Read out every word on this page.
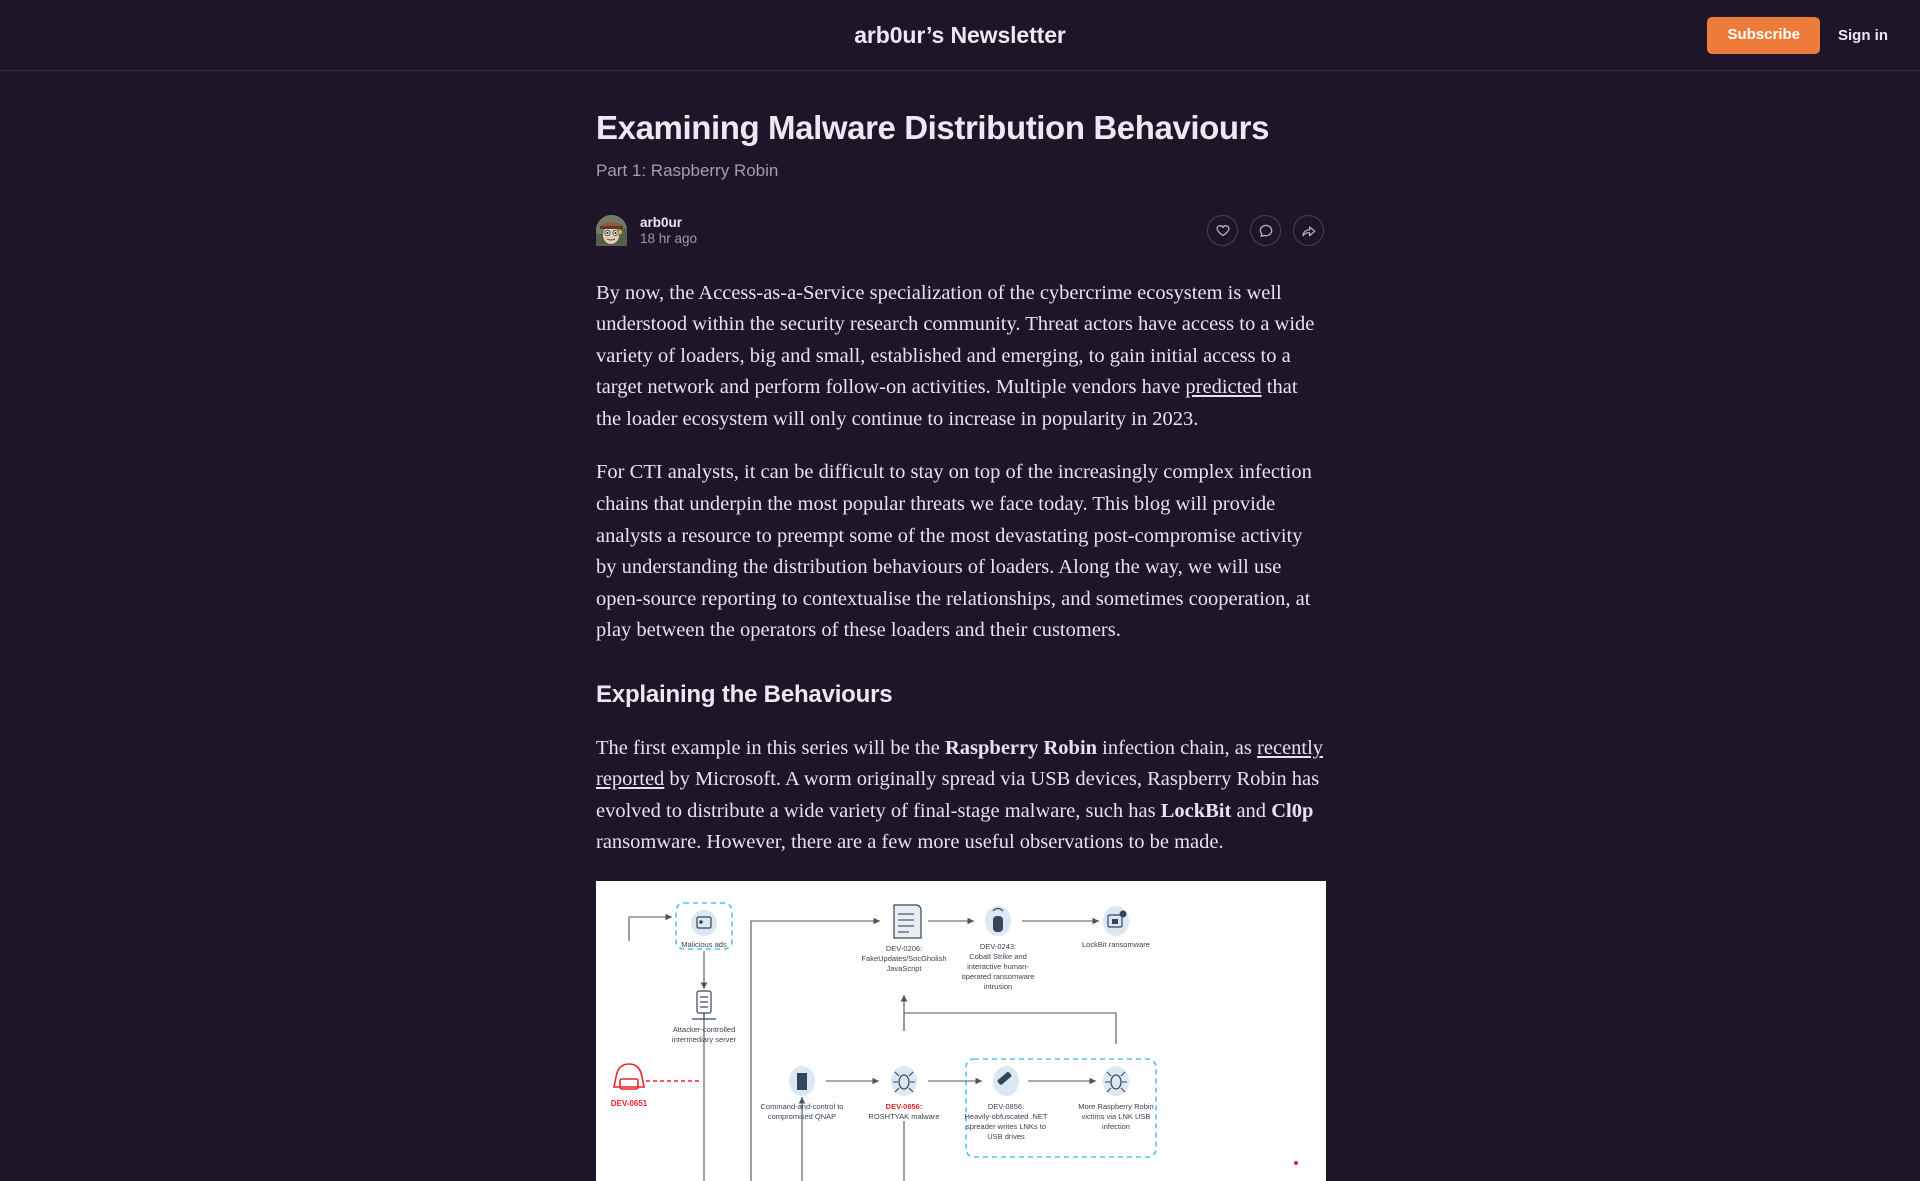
arb0ur’s Newsletter	Subscribe	Sign in
Examining Malware Distribution Behaviours
Part 1: Raspberry Robin
arb0ur
18 hr ago

By now, the Access-as-a-Service specialization of the cybercrime ecosystem is well understood within the security research community. Threat actors have access to a wide variety of loaders, big and small, established and emerging, to gain initial access to a target network and perform follow-on activities. Multiple vendors have predicted that the loader ecosystem will only continue to increase in popularity in 2023.

For CTI analysts, it can be difficult to stay on top of the increasingly complex infection chains that underpin the most popular threats we face today. This blog will provide analysts a resource to preempt some of the most devastating post-compromise activity by understanding the distribution behaviours of loaders. Along the way, we will use open-source reporting to contextualise the relationships, and sometimes cooperation, at play between the operators of these loaders and their customers.

Explaining the Behaviours

The first example in this series will be the Raspberry Robin infection chain, as recently reported by Microsoft. A worm originally spread via USB devices, Raspberry Robin has evolved to distribute a wide variety of final-stage malware, such has LockBit and Cl0p ransomware. However, there are a few more useful observations to be made.

DEV-0651
Malicious ads
Attacker-controlled
intermediary server
Command-and-control to
compromised QNAP
DEV-0856:
ROSHTYAK malware
DEV-0206:
FakeUpdates/SocGholish
JavaScript
DEV-0243:
Cobalt Strike and
interactive human-
operated ransomware
intrusion
LockBit ransomware
DEV-0856:
Heavily-obfuscated .NET
spreader writes LNKs to
USB drives
More Raspberry Robin
victims via LNK USB
infection
